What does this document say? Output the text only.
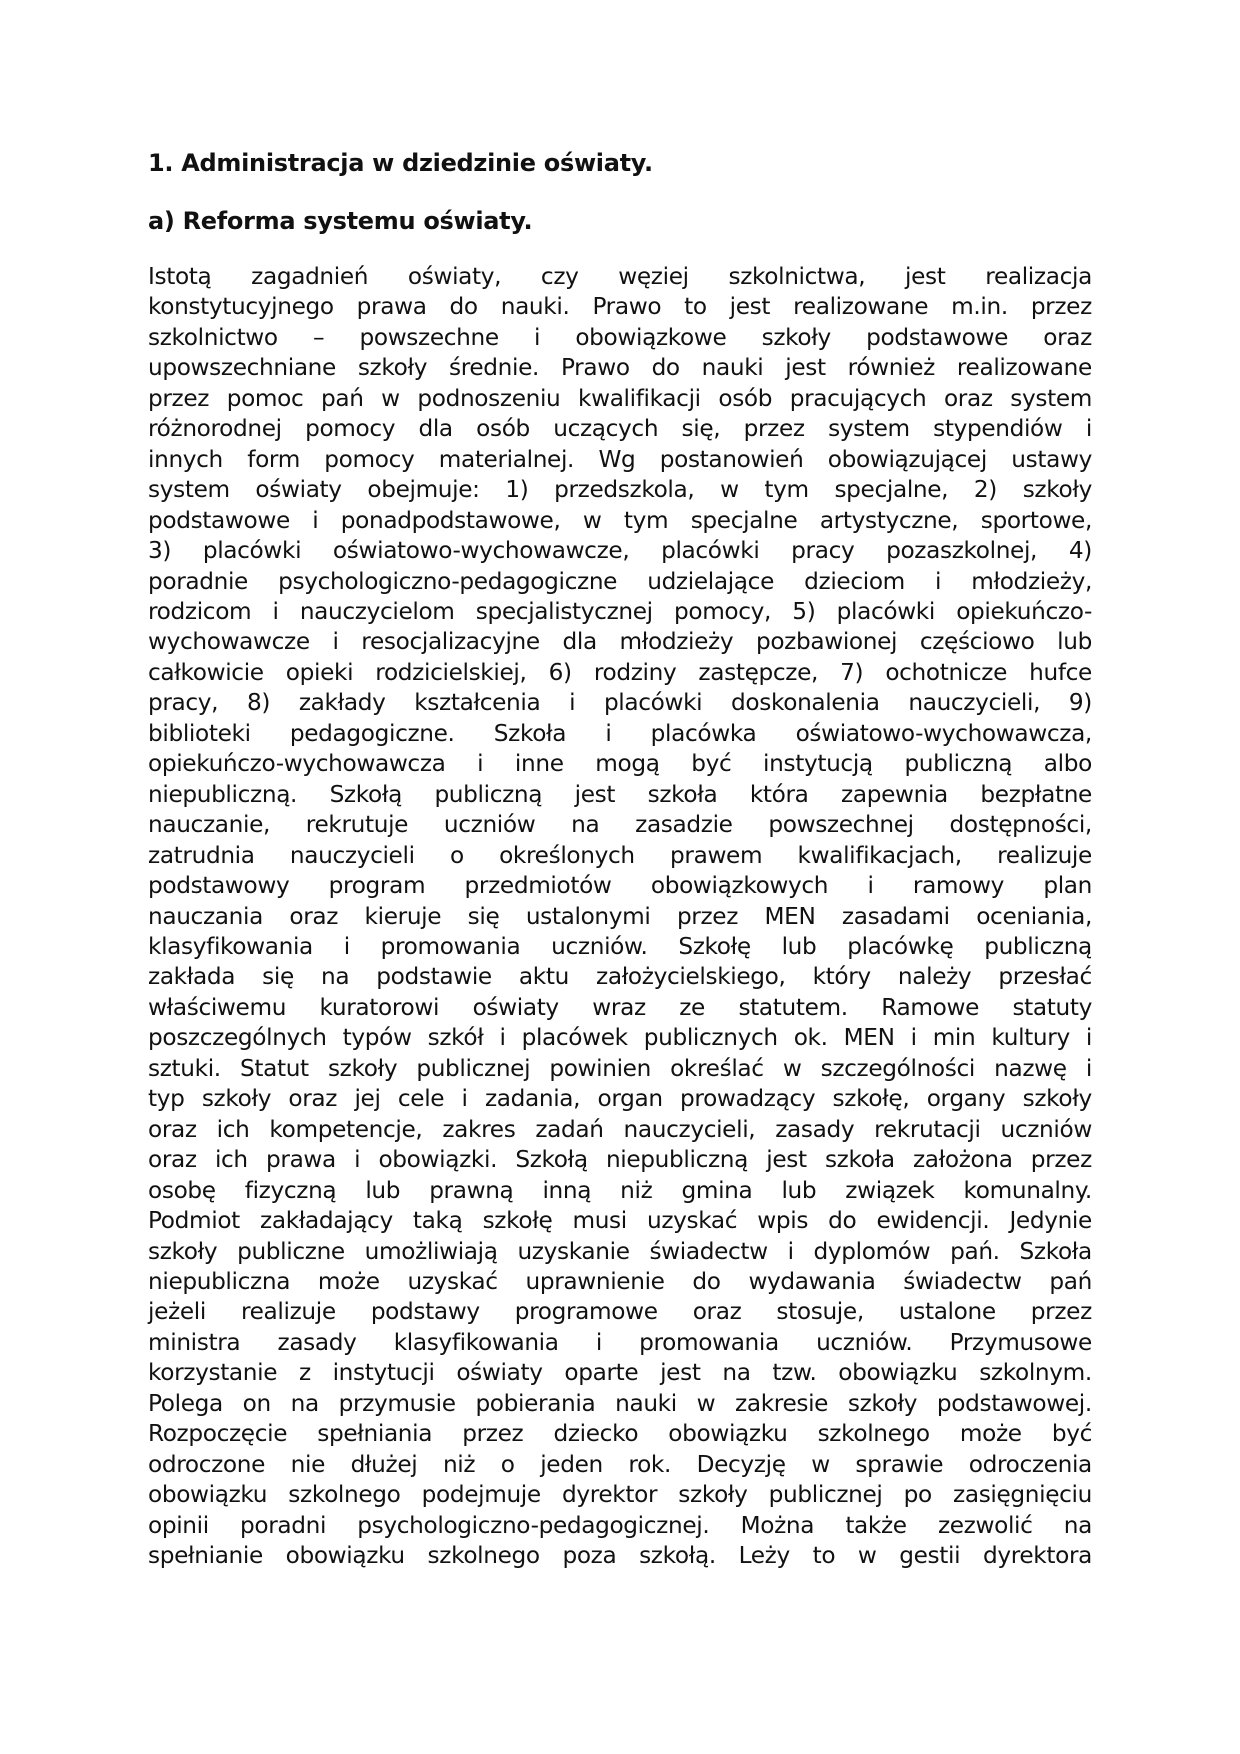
1. Administracja w dziedzinie oświaty.
a) Reforma systemu oświaty.
Istotą zagadnień oświaty, czy węziej szkolnictwa, jest realizacja
konstytucyjnego prawa do nauki. Prawo to jest realizowane m.in. przez
szkolnictwo – powszechne i obowiązkowe szkoły podstawowe oraz
upowszechniane szkoły średnie. Prawo do nauki jest również realizowane
przez pomoc pań w podnoszeniu kwalifikacji osób pracujących oraz system
różnorodnej pomocy dla osób uczących się, przez system stypendiów i
innych form pomocy materialnej. Wg postanowień obowiązującej ustawy
system oświaty obejmuje: 1) przedszkola, w tym specjalne, 2) szkoły
podstawowe i ponadpodstawowe, w tym specjalne artystyczne, sportowe,
3) placówki oświatowo-wychowawcze, placówki pracy pozaszkolnej, 4)
poradnie psychologiczno-pedagogiczne udzielające dzieciom i młodzieży,
rodzicom i nauczycielom specjalistycznej pomocy, 5) placówki opiekuńczo-
wychowawcze i resocjalizacyjne dla młodzieży pozbawionej częściowo lub
całkowicie opieki rodzicielskiej, 6) rodziny zastępcze, 7) ochotnicze hufce
pracy, 8) zakłady kształcenia i placówki doskonalenia nauczycieli, 9)
biblioteki pedagogiczne. Szkoła i placówka oświatowo-wychowawcza,
opiekuńczo-wychowawcza i inne mogą być instytucją publiczną albo
niepubliczną. Szkołą publiczną jest szkoła która zapewnia bezpłatne
nauczanie, rekrutuje uczniów na zasadzie powszechnej dostępności,
zatrudnia nauczycieli o określonych prawem kwalifikacjach, realizuje
podstawowy program przedmiotów obowiązkowych i ramowy plan
nauczania oraz kieruje się ustalonymi przez MEN zasadami oceniania,
klasyfikowania i promowania uczniów. Szkołę lub placówkę publiczną
zakłada się na podstawie aktu założycielskiego, który należy przesłać
właściwemu kuratorowi oświaty wraz ze statutem. Ramowe statuty
poszczególnych typów szkół i placówek publicznych ok. MEN i min kultury i
sztuki. Statut szkoły publicznej powinien określać w szczególności nazwę i
typ szkoły oraz jej cele i zadania, organ prowadzący szkołę, organy szkoły
oraz ich kompetencje, zakres zadań nauczycieli, zasady rekrutacji uczniów
oraz ich prawa i obowiązki. Szkołą niepubliczną jest szkoła założona przez
osobę fizyczną lub prawną inną niż gmina lub związek komunalny.
Podmiot zakładający taką szkołę musi uzyskać wpis do ewidencji. Jedynie
szkoły publiczne umożliwiają uzyskanie świadectw i dyplomów pań. Szkoła
niepubliczna może uzyskać uprawnienie do wydawania świadectw pań
jeżeli realizuje podstawy programowe oraz stosuje, ustalone przez
ministra zasady klasyfikowania i promowania uczniów. Przymusowe
korzystanie z instytucji oświaty oparte jest na tzw. obowiązku szkolnym.
Polega on na przymusie pobierania nauki w zakresie szkoły podstawowej.
Rozpoczęcie spełniania przez dziecko obowiązku szkolnego może być
odroczone nie dłużej niż o jeden rok. Decyzję w sprawie odroczenia
obowiązku szkolnego podejmuje dyrektor szkoły publicznej po zasięgnięciu
opinii poradni psychologiczno-pedagogicznej. Można także zezwolić na
spełnianie obowiązku szkolnego poza szkołą. Leży to w gestii dyrektora
